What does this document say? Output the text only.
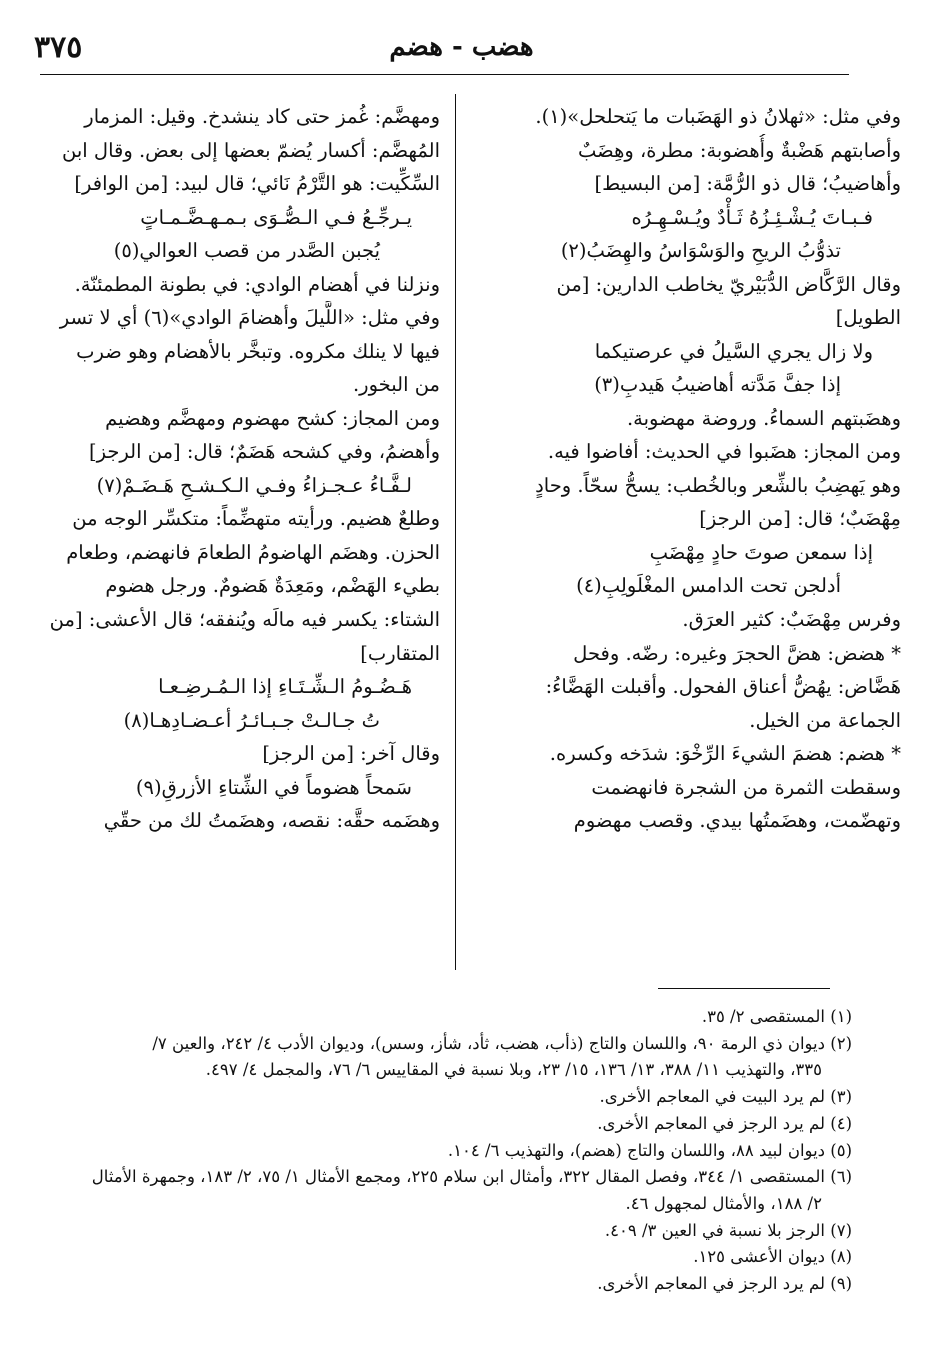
٣٧٥	هضب - هضم
وفي مثل: «ثهلانُ ذو الهَضَبات ما يَتحلحل»(١).
وأصابتهم هَضْبةٌ وأُهضوبة: مطرة، وهِضَبٌ
وأهاضيبُ؛ قال ذو الرُّمَّة: [من البسيط]
فـبـاتَ يُـشْـئِـزُهُ ثَـأْدٌ ويُـسْـهِـرُه
تذوُّبُ الريحِ والوَسْوَاسُ والهِضَبُ(٢)
وقال الرَّكَّاض الدُّبَيْريّ يخاطب الدارين: [من
الطويل]
ولا زال يجري السَّيلُ في عرصتيكما
إذا جفَّ مَدَّته أهاضيبُ هَيدبِ(٣)
وهضَبتهم السماءُ. وروضة مهضوبة.
ومن المجاز: هضَبوا في الحديث: أفاضوا فيه.
وهو يَهضِبُ بالشِّعر وبالخُطب: يسحُّ سحّاً. وحادٍ
مِهْضَبٌ؛ قال: [من الرجز]
إذا سمعن صوتَ حادٍ مِهْضَبِ
أدلجن تحت الدامس المغْلَولِبِ(٤)
وفرس مِهْضَبٌ: كثير العرَق.
* هضض: هضَّ الحجرَ وغيره: رضّه. وفحل
هَضَّاض: يهُضُّ أعناق الفحول. وأقبلت الهَضَّاءُ:
الجماعة من الخيل.
* هضم: هضمَ الشيءَ الرِّخْوَ: شدَخه وكسره.
وسقطت الثمرة من الشجرة فانهضمت
وتهضّمت، وهضَمتُها بيدي. وقصب مهضوم
ومهضَّم: غُمز حتى كاد ينشدخ. وقيل: المزمار
المُهضَّم: أكسار يُضمّ بعضها إلى بعض. وقال ابن
السِّكِّيت: هو التَّرْمُ نَائي؛ قال لبيد: [من الوافر]
يـرجِّـعُ فـي الـصُّـوَى بـمـهـضَّـمـاتٍ
يُجبن الصَّدر من قصب العوالي(٥)
ونزلنا في أهضام الوادي: في بطونة المطمئنّة.
وفي مثل: «اللَّيلَ وأهضامَ الوادي»(٦) أي لا تسر
فيها لا ينلك مكروه. وتبخَّر بالأهضام وهو ضرب
من البخور.
ومن المجاز: كشح مهضوم ومهضَّم وهضيم
وأهضمُ، وفي كشحه هَضَمٌ؛ قال: [من الرجز]
لـفَّـاءُ عـجـزاءُ وفـي الـكـشـحِ هَـضَـمْ(٧)
وطلعٌ هضيم. ورأيته متهضِّماً: متكسِّر الوجه من
الحزن. وهضَم الهاضومُ الطعامَ فانهضم، وطعام
بطيء الهَضْم، ومَعِدَةٌ هَضومٌ. ورجل هضوم
الشتاء: يكسر فيه مالَه ويُنفقه؛ قال الأعشى: [من
المتقارب]
هَـضُـومُ الـشِّـتَـاءِ إذا الـمُـرضِـعـا
تُ جـالـتْ جـبـائـرُ أعـضـادِهـا(٨)
وقال آخر: [من الرجز]
سَمحاً هضوماً في الشِّتاءِ الأزرقِ(٩)
وهضَمه حقَّه: نقصه، وهضَمتُ لك من حقّي
(١) المستقصى ٢/ ٣٥.
(٢) ديوان ذي الرمة ٩٠، واللسان والتاج (ذأب، هضب، ثأد، شأز، وسس)، وديوان الأدب ٤/ ٢٤٢، والعين ٧/
٣٣٥، والتهذيب ١١/ ٣٨٨، ١٣/ ١٣٦، ١٥/ ٢٣، وبلا نسبة في المقاييس ٦/ ٧٦، والمجمل ٤/ ٤٩٧.
(٣) لم يرد البيت في المعاجم الأخرى.
(٤) لم يرد الرجز في المعاجم الأخرى.
(٥) ديوان لبيد ٨٨، واللسان والتاج (هضم)، والتهذيب ٦/ ١٠٤.
(٦) المستقصى ١/ ٣٤٤، وفصل المقال ٣٢٢، وأمثال ابن سلام ٢٢٥، ومجمع الأمثال ١/ ٧٥، ٢/ ١٨٣، وجمهرة الأمثال
٢/ ١٨٨، والأمثال لمجهول ٤٦.
(٧) الرجز بلا نسبة في العين ٣/ ٤٠٩.
(٨) ديوان الأعشى ١٢٥.
(٩) لم يرد الرجز في المعاجم الأخرى.
